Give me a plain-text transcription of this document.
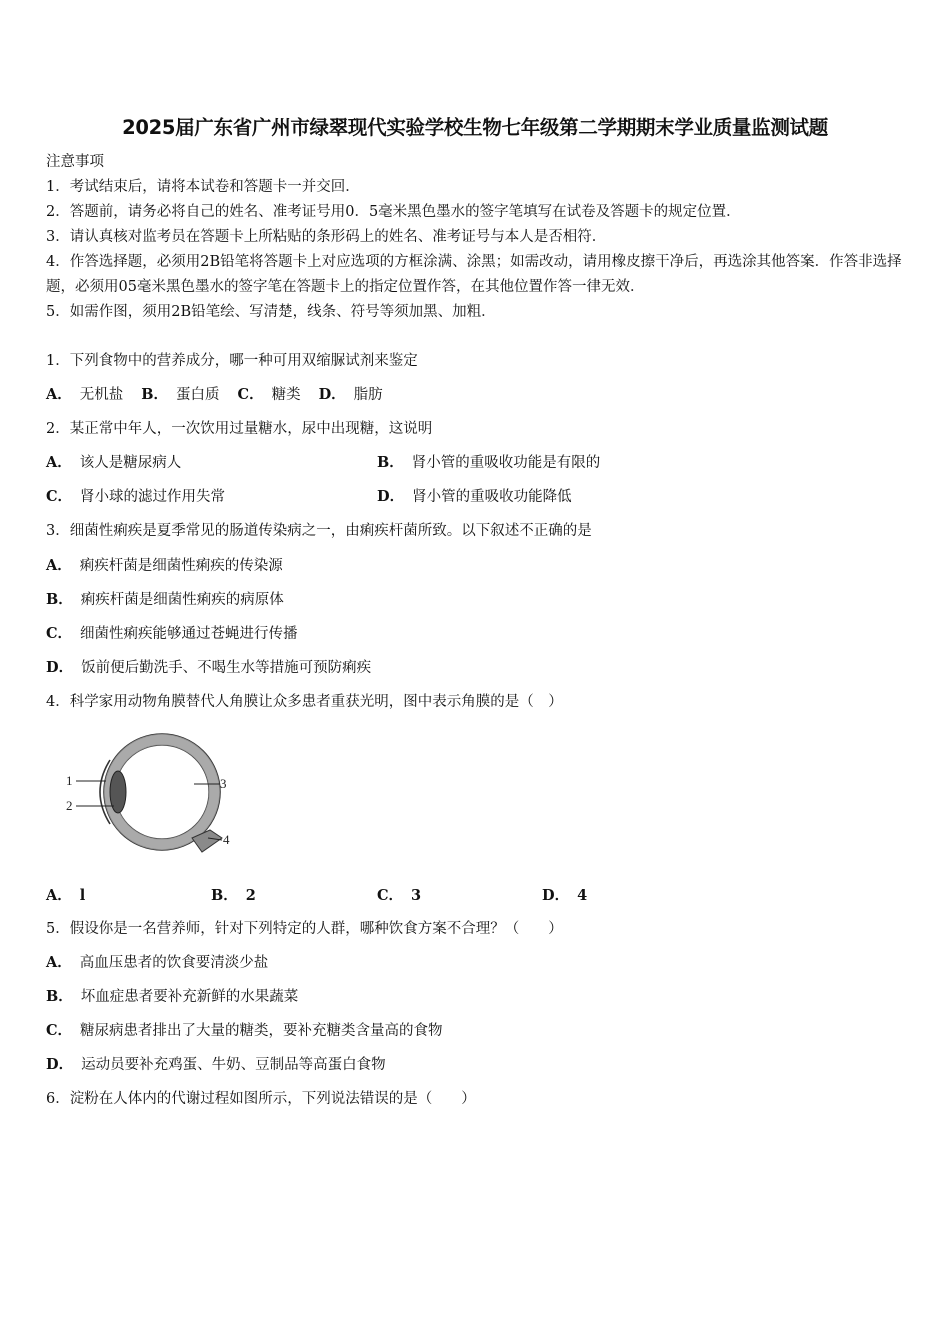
2025届广东省广州市绿翠现代实验学校生物七年级第二学期期末学业质量监测试题
注意事项
1．考试结束后，请将本试卷和答题卡一并交回．
2．答题前，请务必将自己的姓名、准考证号用0．5毫米黑色墨水的签字笔填写在试卷及答题卡的规定位置．
3．请认真核对监考员在答题卡上所粘贴的条形码上的姓名、准考证号与本人是否相符．
4．作答选择题，必须用2B铅笔将答题卡上对应选项的方框涂满、涂黑；如需改动，请用橡皮擦干净后，再选涂其他答案．作答非选择题，必须用05毫米黑色墨水的签字笔在答题卡上的指定位置作答，在其他位置作答一律无效．
5．如需作图，须用2B铅笔绘、写清楚，线条、符号等须加黑、加粗．
1．下列食物中的营养成分，哪一种可用双缩脲试剂来鉴定
A． 无机盐 B． 蛋白质 C． 糖类 D． 脂肪
2．某正常中年人，一次饮用过量糖水，尿中出现糖，这说明
A． 该人是糖尿病人	B． 肾小管的重吸收功能是有限的
C． 肾小球的滤过作用失常	D． 肾小管的重吸收功能降低
3．细菌性痢疾是夏季常见的肠道传染病之一，由痢疾杆菌所致。以下叙述不正确的是
A． 痢疾杆菌是细菌性痢疾的传染源
B． 痢疾杆菌是细菌性痢疾的病原体
C． 细菌性痢疾能够通过苍蝇进行传播
D． 饭前便后勤洗手、不喝生水等措施可预防痢疾
4．科学家用动物角膜替代人角膜让众多患者重获光明，图中表示角膜的是（　）
1
2
3
4
A． l	B． 2	C． 3	D． 4
5．假设你是一名营养师，针对下列特定的人群，哪种饮食方案不合理？（　　）
A． 高血压患者的饮食要清淡少盐
B． 坏血症患者要补充新鲜的水果蔬菜
C． 糖尿病患者排出了大量的糖类，要补充糖类含量高的食物
D． 运动员要补充鸡蛋、牛奶、豆制品等高蛋白食物
6．淀粉在人体内的代谢过程如图所示，下列说法错误的是（　　）
